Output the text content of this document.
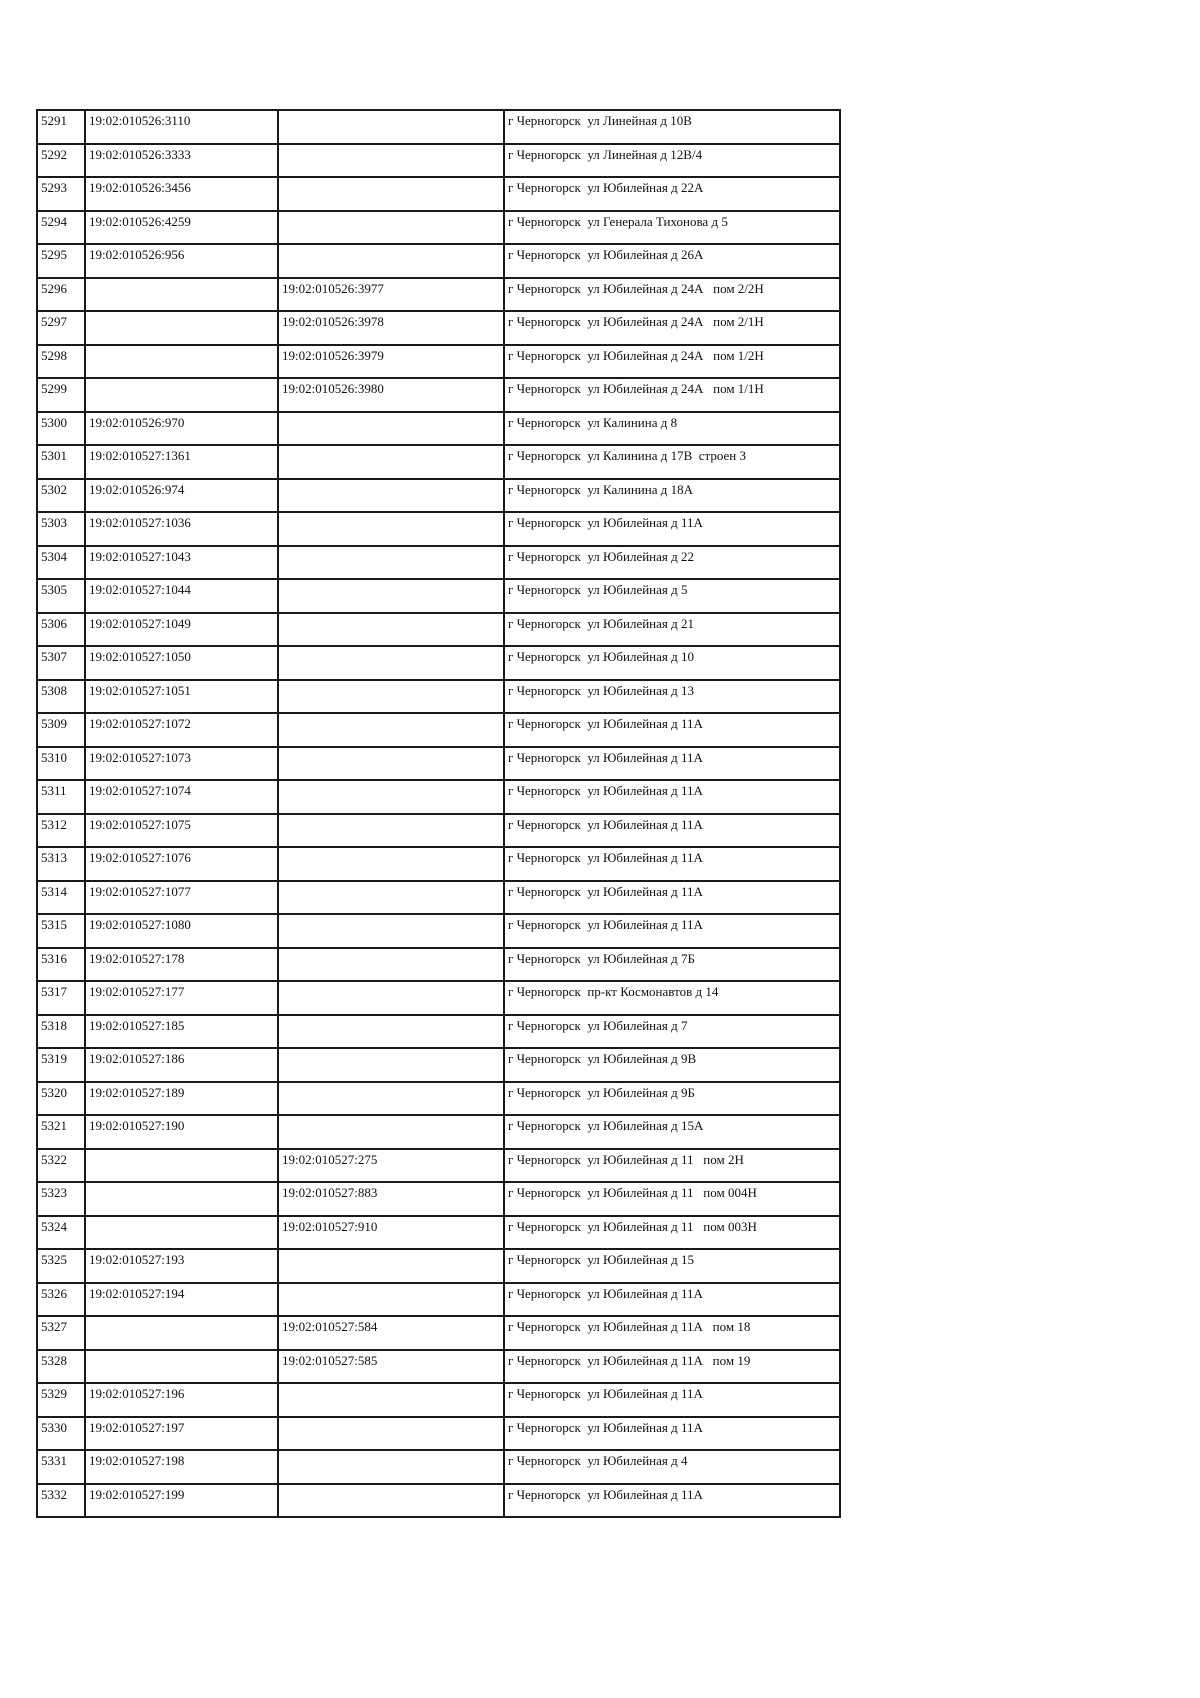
5291	19:02:010526:3110		г Черногорск  ул Линейная д 10В
5292	19:02:010526:3333		г Черногорск  ул Линейная д 12В/4
5293	19:02:010526:3456		г Черногорск  ул Юбилейная д 22А
5294	19:02:010526:4259		г Черногорск  ул Генерала Тихонова д 5
5295	19:02:010526:956		г Черногорск  ул Юбилейная д 26А
5296		19:02:010526:3977	г Черногорск  ул Юбилейная д 24А   пом 2/2Н
5297		19:02:010526:3978	г Черногорск  ул Юбилейная д 24А   пом 2/1Н
5298		19:02:010526:3979	г Черногорск  ул Юбилейная д 24А   пом 1/2Н
5299		19:02:010526:3980	г Черногорск  ул Юбилейная д 24А   пом 1/1Н
5300	19:02:010526:970		г Черногорск  ул Калинина д 8
5301	19:02:010527:1361		г Черногорск  ул Калинина д 17В  строен 3
5302	19:02:010526:974		г Черногорск  ул Калинина д 18А
5303	19:02:010527:1036		г Черногорск  ул Юбилейная д 11А
5304	19:02:010527:1043		г Черногорск  ул Юбилейная д 22
5305	19:02:010527:1044		г Черногорск  ул Юбилейная д 5
5306	19:02:010527:1049		г Черногорск  ул Юбилейная д 21
5307	19:02:010527:1050		г Черногорск  ул Юбилейная д 10
5308	19:02:010527:1051		г Черногорск  ул Юбилейная д 13
5309	19:02:010527:1072		г Черногорск  ул Юбилейная д 11А
5310	19:02:010527:1073		г Черногорск  ул Юбилейная д 11А
5311	19:02:010527:1074		г Черногорск  ул Юбилейная д 11А
5312	19:02:010527:1075		г Черногорск  ул Юбилейная д 11А
5313	19:02:010527:1076		г Черногорск  ул Юбилейная д 11А
5314	19:02:010527:1077		г Черногорск  ул Юбилейная д 11А
5315	19:02:010527:1080		г Черногорск  ул Юбилейная д 11А
5316	19:02:010527:178		г Черногорск  ул Юбилейная д 7Б
5317	19:02:010527:177		г Черногорск  пр-кт Космонавтов д 14
5318	19:02:010527:185		г Черногорск  ул Юбилейная д 7
5319	19:02:010527:186		г Черногорск  ул Юбилейная д 9В
5320	19:02:010527:189		г Черногорск  ул Юбилейная д 9Б
5321	19:02:010527:190		г Черногорск  ул Юбилейная д 15А
5322		19:02:010527:275	г Черногорск  ул Юбилейная д 11   пом 2Н
5323		19:02:010527:883	г Черногорск  ул Юбилейная д 11   пом 004Н
5324		19:02:010527:910	г Черногорск  ул Юбилейная д 11   пом 003Н
5325	19:02:010527:193		г Черногорск  ул Юбилейная д 15
5326	19:02:010527:194		г Черногорск  ул Юбилейная д 11А
5327		19:02:010527:584	г Черногорск  ул Юбилейная д 11А   пом 18
5328		19:02:010527:585	г Черногорск  ул Юбилейная д 11А   пом 19
5329	19:02:010527:196		г Черногорск  ул Юбилейная д 11А
5330	19:02:010527:197		г Черногорск  ул Юбилейная д 11А
5331	19:02:010527:198		г Черногорск  ул Юбилейная д 4
5332	19:02:010527:199		г Черногорск  ул Юбилейная д 11А
